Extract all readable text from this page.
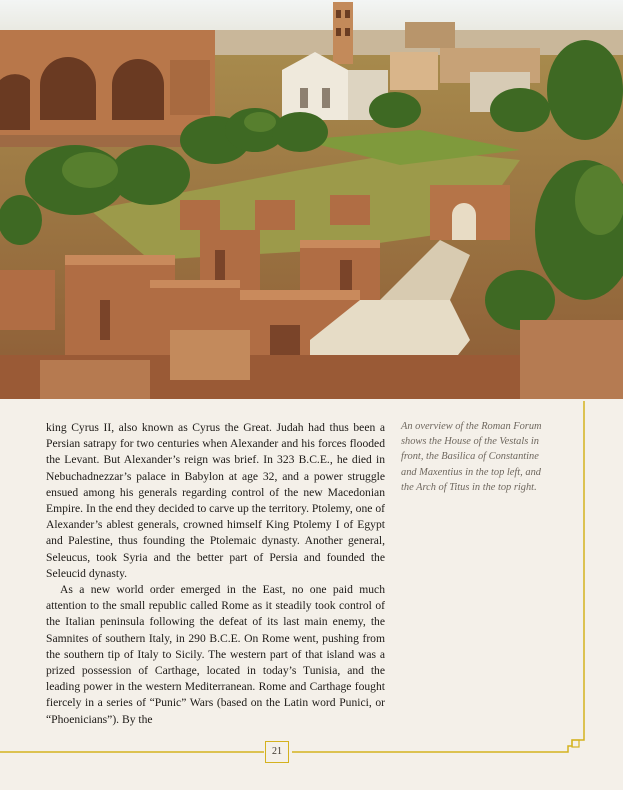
king Cyrus II, also known as Cyrus the Great. Judah had thus been a Persian satrapy for two centuries when Alexander and his forces flooded the Levant. But Alexander’s reign was brief. In 323 B.C.E., he died in Nebuchadnezzar’s palace in Babylon at age 32, and a power struggle ensued among his generals regarding control of the new Macedonian Empire. In the end they decided to carve up the territory. Ptolemy, one of Alexander’s ablest generals, crowned himself King Ptolemy I of Egypt and Palestine, thus founding the Ptolemaic dynasty. Another general, Seleucus, took Syria and the better part of Persia and founded the Seleucid dynasty.

As a new world order emerged in the East, no one paid much attention to the small republic called Rome as it steadily took control of the Italian peninsula following the defeat of its last main enemy, the Samnites of southern Italy, in 290 B.C.E. On Rome went, pushing from the southern tip of Italy to Sicily. The western part of that island was a prized possession of Carthage, located in today’s Tunisia, and the leading power in the western Mediterranean. Rome and Carthage fought fiercely in a series of “Punic” Wars (based on the Latin word Punici, or “Phoenicians”). By the

An overview of the Roman Forum shows the House of the Vestals in front, the Basilica of Constantine and Maxentius in the top left, and the Arch of Titus in the top right.
21
